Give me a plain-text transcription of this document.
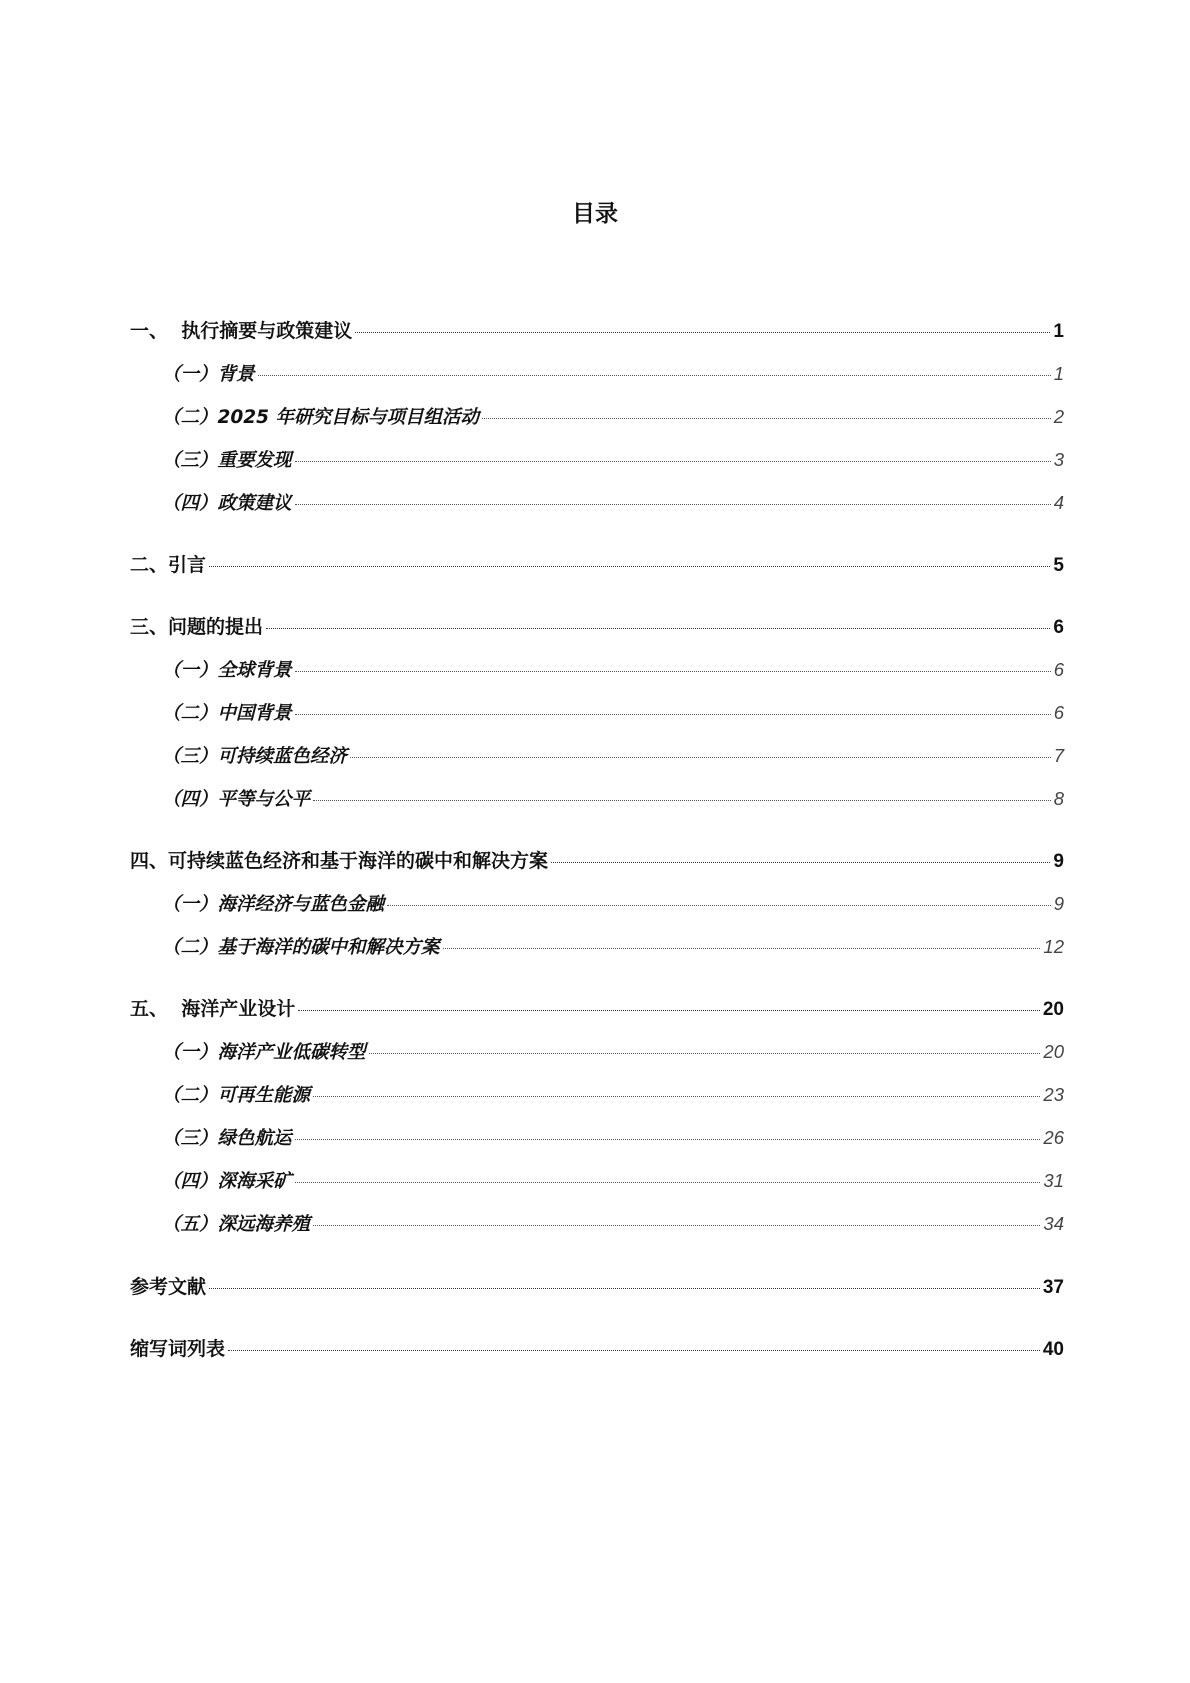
目录
一、 执行摘要与政策建议	1
（一） 背景	1
（二） 2025 年研究目标与项目组活动	2
（三） 重要发现	3
（四） 政策建议	4
二、 引言	5
三、 问题的提出	6
（一） 全球背景	6
（二） 中国背景	6
（三） 可持续蓝色经济	7
（四） 平等与公平	8
四、 可持续蓝色经济和基于海洋的碳中和解决方案	9
（一） 海洋经济与蓝色金融	9
（二） 基于海洋的碳中和解决方案	12
五、 海洋产业设计	20
（一） 海洋产业低碳转型	20
（二） 可再生能源	23
（三） 绿色航运	26
（四） 深海采矿	31
（五） 深远海养殖	34
参考文献	37
缩写词列表	40
